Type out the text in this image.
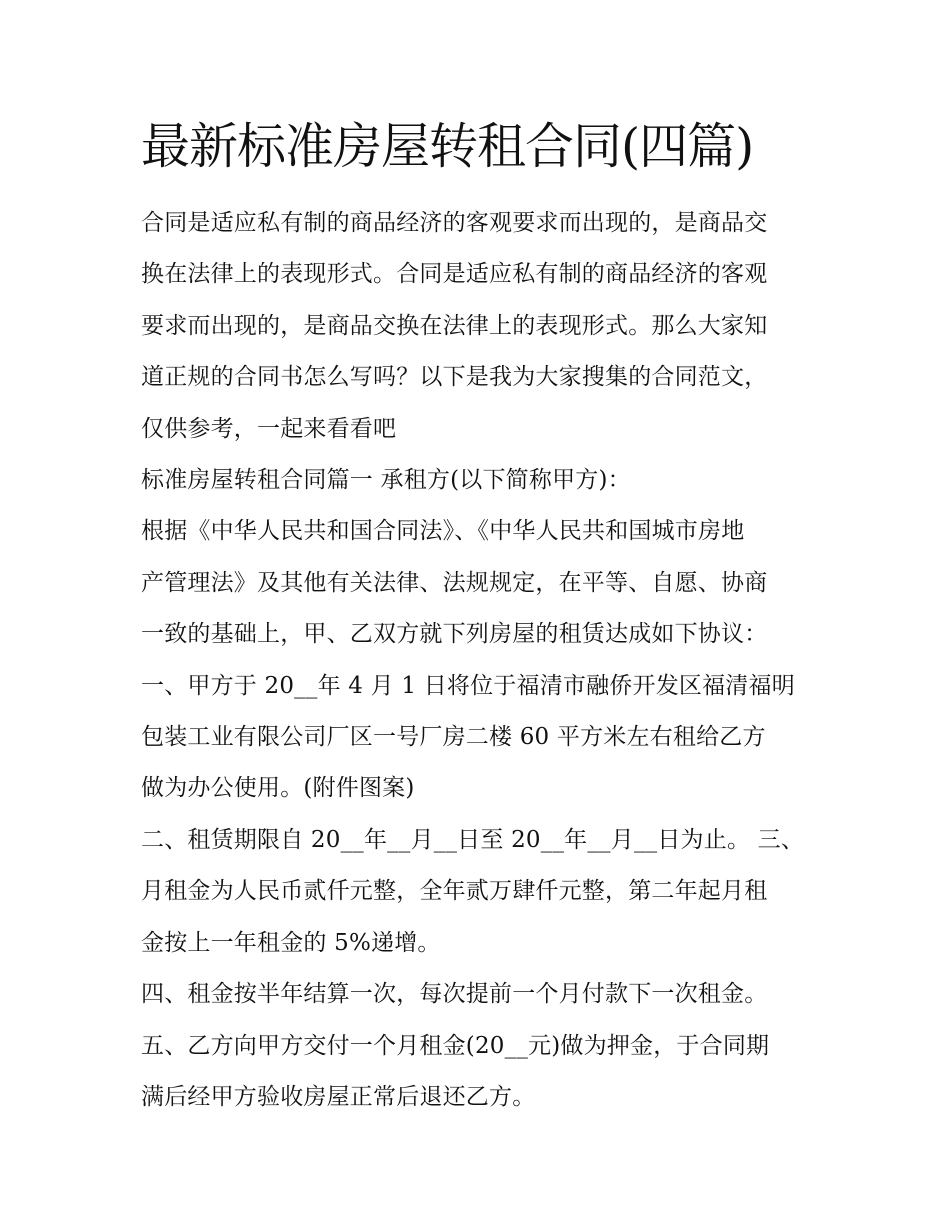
最新标准房屋转租合同(四篇)

合同是适应私有制的商品经济的客观要求而出现的，是商品交

换在法律上的表现形式。合同是适应私有制的商品经济的客观

要求而出现的，是商品交换在法律上的表现形式。那么大家知

道正规的合同书怎么写吗？以下是我为大家搜集的合同范文，

仅供参考，一起来看看吧

标准房屋转租合同篇一 承租方(以下简称甲方)：

根据《中华人民共和国合同法》、《中华人民共和国城市房地

产管理法》及其他有关法律、法规规定，在平等、自愿、协商

一致的基础上，甲、乙双方就下列房屋的租赁达成如下协议：

一、甲方于 20__年 4 月 1 日将位于福清市融侨开发区福清福明

包装工业有限公司厂区一号厂房二楼 60 平方米左右租给乙方

做为办公使用。(附件图案)

二、租赁期限自 20__年__月__日至 20__年__月__日为止。 三、

月租金为人民币贰仟元整，全年贰万肆仟元整，第二年起月租

金按上一年租金的 5%递增。

四、租金按半年结算一次，每次提前一个月付款下一次租金。

五、乙方向甲方交付一个月租金(20__元)做为押金，于合同期

满后经甲方验收房屋正常后退还乙方。
